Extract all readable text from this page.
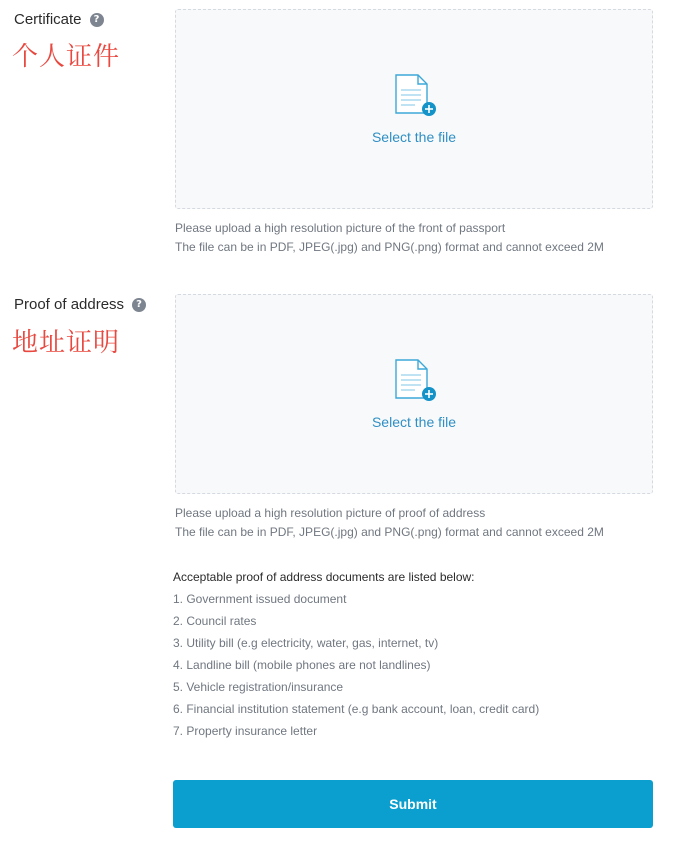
Certificate	?
个人证件
Select the file
Please upload a high resolution picture of the front of passport
The file can be in PDF, JPEG(.jpg) and PNG(.png) format and cannot exceed 2M
Proof of address	?
地址证明
Select the file
Please upload a high resolution picture of proof of address
The file can be in PDF, JPEG(.jpg) and PNG(.png) format and cannot exceed 2M
Acceptable proof of address documents are listed below:
1. Government issued document
2. Council rates
3. Utility bill (e.g electricity, water, gas, internet, tv)
4. Landline bill (mobile phones are not landlines)
5. Vehicle registration/insurance
6. Financial institution statement (e.g bank account, loan, credit card)
7. Property insurance letter
Submit
